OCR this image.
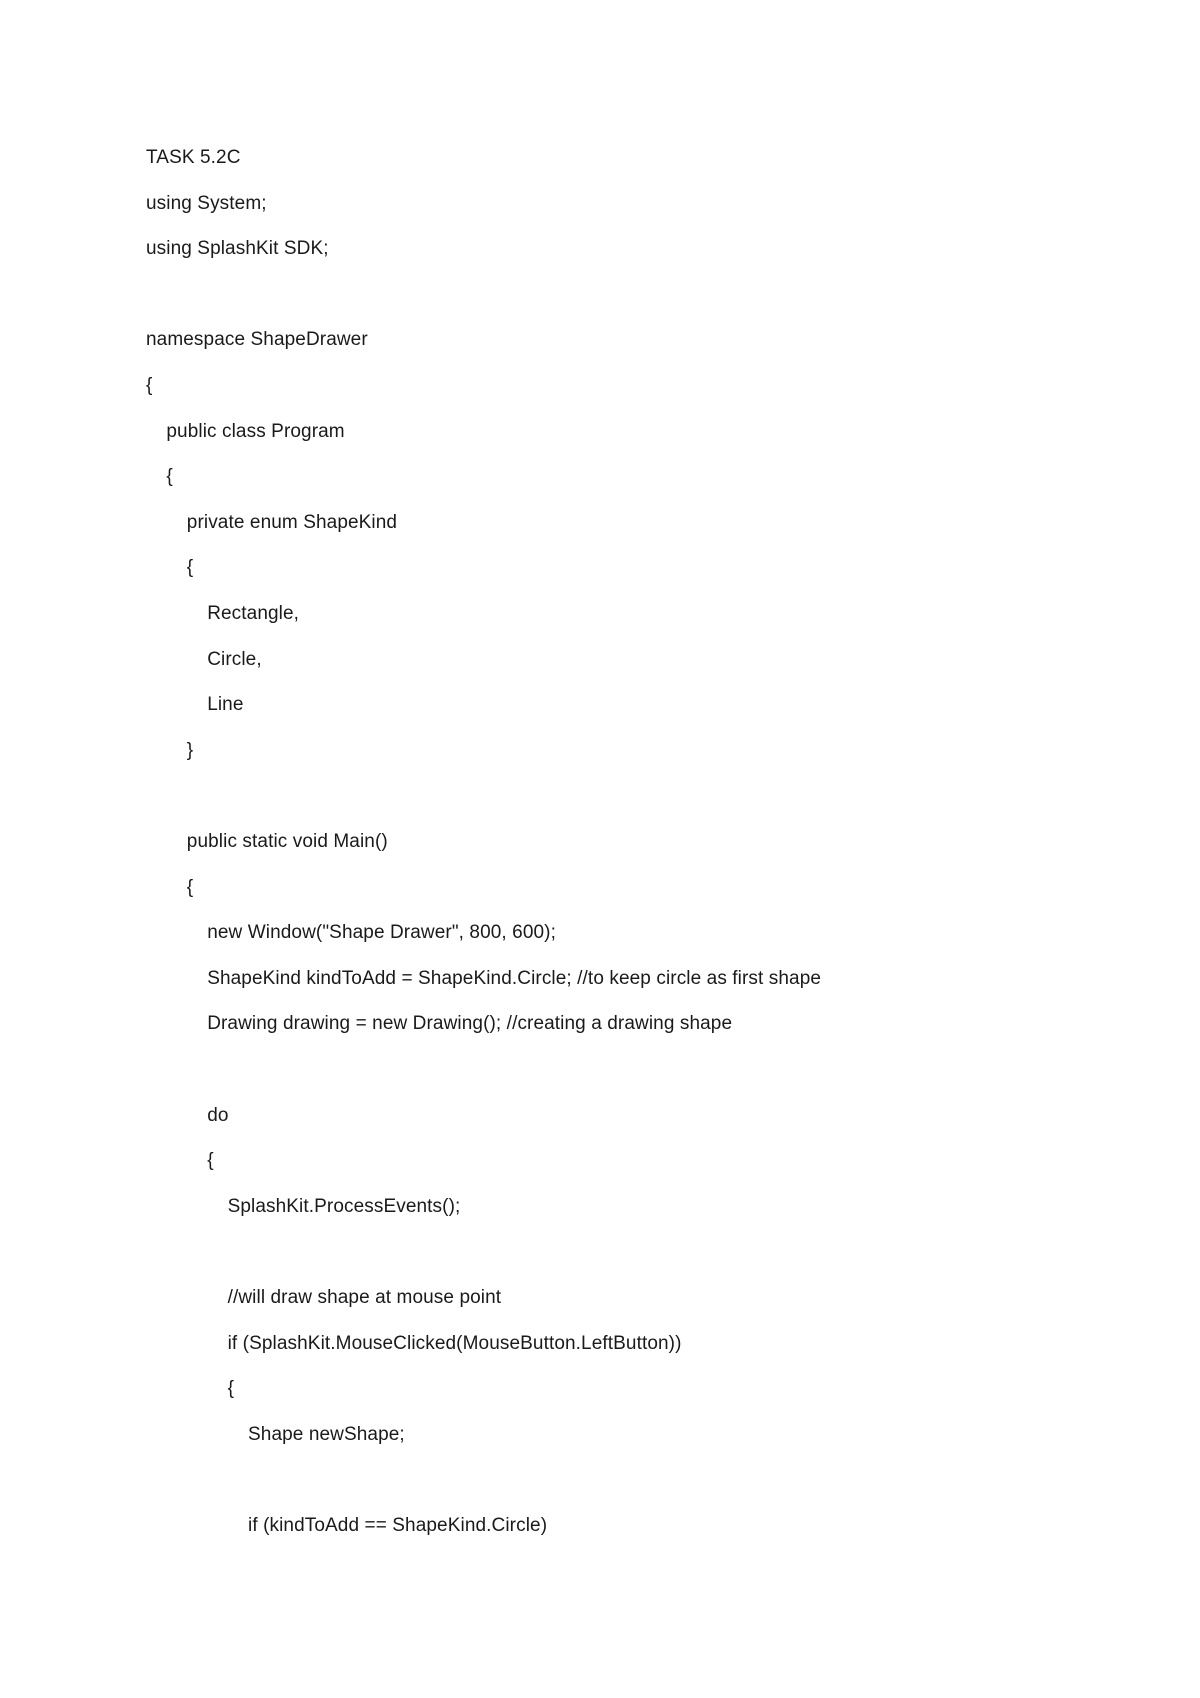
TASK 5.2C
using System;
using SplashKit SDK;
namespace ShapeDrawer
{
public class Program
{
private enum ShapeKind
{
Rectangle,
Circle,
Line
}
public static void Main()
{
new Window("Shape Drawer", 800, 600);
ShapeKind kindToAdd = ShapeKind.Circle; //to keep circle as first shape
Drawing drawing = new Drawing(); //creating a drawing shape
do
{
SplashKit.ProcessEvents();
//will draw shape at mouse point
if (SplashKit.MouseClicked(MouseButton.LeftButton))
{
Shape newShape;
if (kindToAdd == ShapeKind.Circle)
